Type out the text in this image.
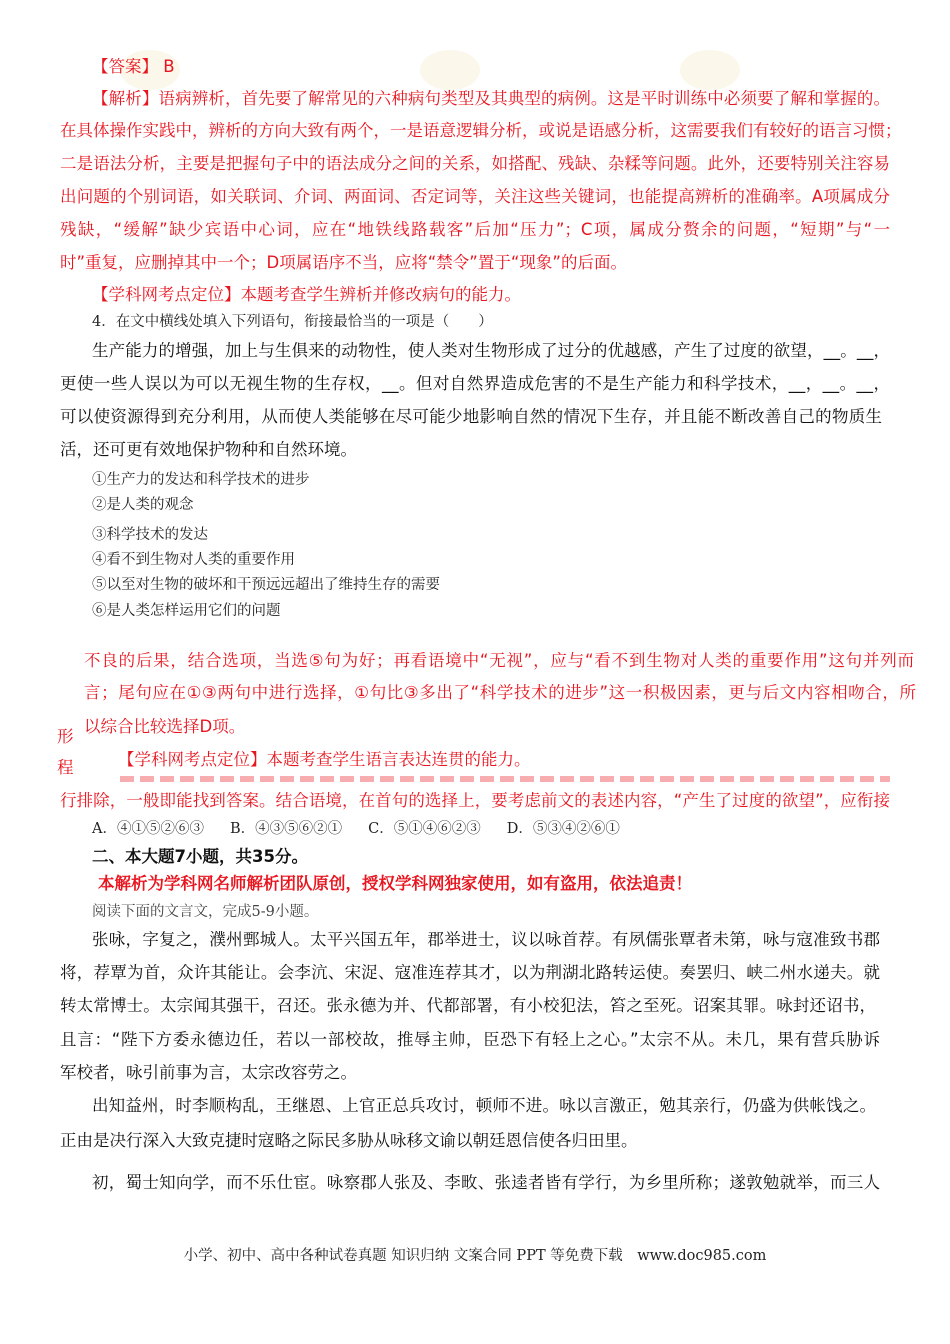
【答案】 B
【解析】语病辨析，首先要了解常见的六种病句类型及其典型的病例。这是平时训练中必须要了解和掌握的。
在具体操作实践中，辨析的方向大致有两个，一是语意逻辑分析，或说是语感分析，这需要我们有较好的语言习惯；
二是语法分析，主要是把握句子中的语法成分之间的关系，如搭配、残缺、杂糅等问题。此外，还要特别关注容易
出问题的个别词语，如关联词、介词、两面词、否定词等，关注这些关键词，也能提高辨析的准确率。A项属成分
残缺，“缓解”缺少宾语中心词，应在“地铁线路载客”后加“压力”；C项，属成分赘余的问题，“短期”与“一
时”重复，应删掉其中一个；D项属语序不当，应将“禁令”置于“现象”的后面。
【学科网考点定位】本题考查学生辨析并修改病句的能力。
4．在文中横线处填入下列语句，衔接最恰当的一项是（　　）
生产能力的增强，加上与生俱来的动物性，使人类对生物形成了过分的优越感，产生了过度的欲望，__。__，
更使一些人误以为可以无视生物的生存权，__。但对自然界造成危害的不是生产能力和科学技术，__，__。__，
可以使资源得到充分利用，从而使人类能够在尽可能少地影响自然的情况下生存，并且能不断改善自己的物质生
活，还可更有效地保护物种和自然环境。
①生产力的发达和科学技术的进步
②是人类的观念
③科学技术的发达
④看不到生物对人类的重要作用
⑤以至对生物的破坏和干预远远超出了维持生存的需要
⑥是人类怎样运用它们的问题
不良的后果，结合选项，当选⑤句为好；再看语境中“无视”，应与“看不到生物对人类的重要作用”这句并列而
言；尾句应在①③两句中进行选择，①句比③多出了“科学技术的进步”这一积极因素，更与后文内容相吻合，所
以综合比较选择D项。
形
程	【学科网考点定位】本题考查学生语言表达连贯的能力。
行排除，一般即能找到答案。结合语境，在首句的选择上，要考虑前文的表述内容，“产生了过度的欲望”，应衔接
A．④①⑤②⑥③ B．④③⑤⑥②① C．⑤①④⑥②③ D．⑤③④②⑥①
二、本大题7小题，共35分。
本解析为学科网名师解析团队原创，授权学科网独家使用，如有盗用，依法追责！
阅读下面的文言文，完成5-9小题。
张咏，字复之，濮州鄄城人。太平兴国五年，郡举进士，议以咏首荐。有夙儒张覃者未第，咏与寇准致书郡
将，荐覃为首，众许其能让。会李沆、宋浞、寇准连荐其才，以为荆湖北路转运使。奏罢归、峡二州水递夫。就
转太常博士。太宗闻其强干，召还。张永德为并、代都部署，有小校犯法，笞之至死。诏案其罪。咏封还诏书，
且言：“陛下方委永德边任，若以一部校故，推辱主帅，臣恐下有轻上之心。”太宗不从。未几，果有营兵胁诉
军校者，咏引前事为言，太宗改容劳之。
出知益州，时李顺构乱，王继恩、上官正总兵攻讨，顿师不进。咏以言激正，勉其亲行，仍盛为供帐饯之。
正由是决行深入大致克捷时寇略之际民多胁从咏移文谕以朝廷恩信使各归田里。
初，蜀士知向学，而不乐仕宦。咏察郡人张及、李畋、张逵者皆有学行，为乡里所称；遂敦勉就举，而三人
小学、初中、高中各种试卷真题 知识归纳 文案合同 PPT 等免费下载　www.doc985.com
